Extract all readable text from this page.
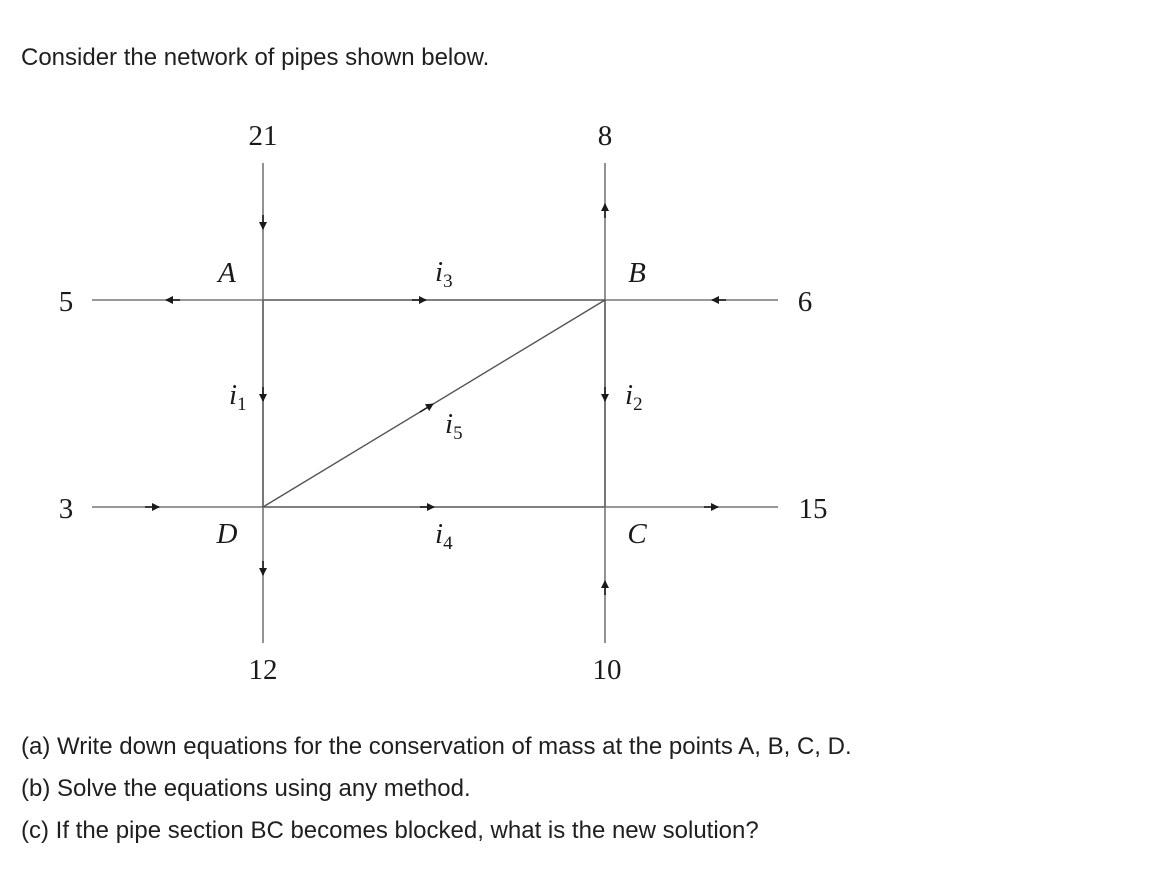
Consider the network of pipes shown below.

21	8
5
3
6
15
12	10
A	B
C
D
$i_1$	$i_2$
$i_3$
$i_4$
$i_5$
(a) Write down equations for the conservation of mass at the points A, B, C, D.
(b) Solve the equations using any method.
(c) If the pipe section BC becomes blocked, what is the new solution?
